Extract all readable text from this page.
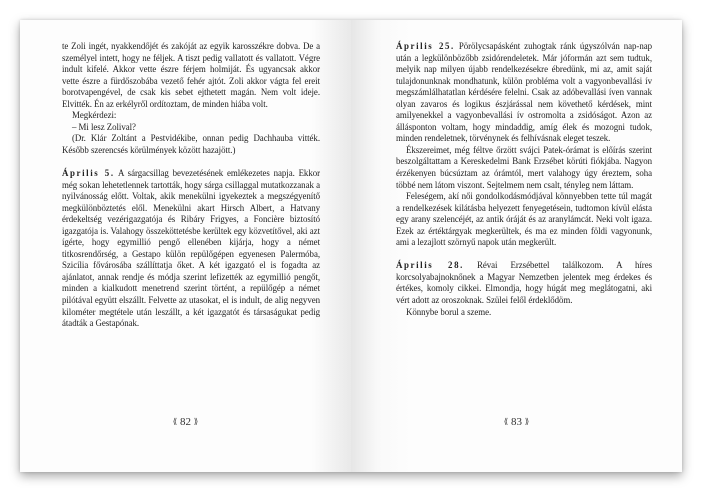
te Zoli ingét, nyakkendőjét és zakóját az egyik karosszékre dobva. De a személyel intett, hogy ne féljek. A tiszt pedig vallatott és vallatott. Végre indult kifelé. Akkor vette észre férjem holmiját. És ugyancsak akkor vette észre a fürdőszobába vezető fehér ajtót. Zoli akkor vágta fel ereit borotvapengével, de csak kis sebet ejthetett magán. Nem volt ideje. Elvitték. Én az erkélyről ordítoztam, de minden hiába volt.

Megkérdezi:

– Mi lesz Zolival?

(Dr. Klár Zoltánt a Pestvidékibe, onnan pedig Dachhauba vitték. Később szerencsés körülmények között hazajött.)

Április 5. A sárgacsillag bevezetésének emlékezetes napja. Ekkor még sokan lehetetlennek tartották, hogy sárga csillaggal mutatkozzanak a nyilvánosság előtt. Voltak, akik menekülni igyekeztek a megszégyenítő megkülönböztetés elől. Menekülni akart Hirsch Albert, a Hatvany érdekeltség vezérigazgatója és Ribáry Frigyes, a Foncière biztosító igazgatója is. Valahogy összeköttetésbe kerültek egy közvetítővel, aki azt ígérte, hogy egymillió pengő ellenében kijárja, hogy a német titkosrendőrség, a Gestapo külön repülőgépen egyenesen Palermóba, Szicília fővárosába szállíttatja őket. A két igazgató el is fogadta az ajánlatot, annak rendje és módja szerint lefizették az egymillió pengőt, minden a kialkudott menetrend szerint történt, a repülőgép a német pilótával együtt elszállt. Felvette az utasokat, el is indult, de alig negyven kilométer megtétele után leszállt, a két igazgatót és társaságukat pedig átadták a Gestapónak.

⟪ 82 ⟫

Április 25. Pörölycsapásként zuhogtak ránk úgyszólván nap-nap után a legkülönbözőbb zsidórendeletek. Már jóformán azt sem tudtuk, melyik nap milyen újabb rendelkezésekre ébredünk, mi az, amit saját tulajdonunknak mondhatunk, külön probléma volt a vagyonbevallási ív megszámlálhatatlan kérdésére felelni. Csak az adóbevallási íven vannak olyan zavaros és logikus észjárással nem követhető kérdések, mint amilyenekkel a vagyonbevallási ív ostromolta a zsidóságot. Azon az állásponton voltam, hogy mindaddig, amíg élek és mozogni tudok, minden rendeletnek, törvénynek és felhívásnak eleget teszek.

Ékszereimet, még féltve őrzött svájci Patek-órámat is előírás szerint beszolgáltattam a Kereskedelmi Bank Erzsébet körúti fiókjába. Nagyon érzékenyen búcsúztam az órámtól, mert valahogy úgy éreztem, soha többé nem látom viszont. Sejtelmem nem csalt, tényleg nem láttam.

Feleségem, akí női gondolkodásmódjával könnyebben tette túl magát a rendelkezések kilátásba helyezett fenyegetésein, tudtomon kívül elásta egy arany szelencéjét, az antik óráját és az aranylámcát. Neki volt igaza. Ezek az értéktárgyak megkerültek, és ma ez minden földi vagyonunk, ami a lezajlott szörnyű napok után megkerült.

Április 28. Révai Erzsébettel találkozom. A híres korcsolyabajnoknőnek a Magyar Nemzetben jelentek meg érdekes és értékes, komoly cikkei. Elmondja, hogy húgát meg meglátogatni, aki vért adott az oroszoknak. Szülei felől érdeklődöm.

Könnybe borul a szeme.

⟪ 83 ⟫
